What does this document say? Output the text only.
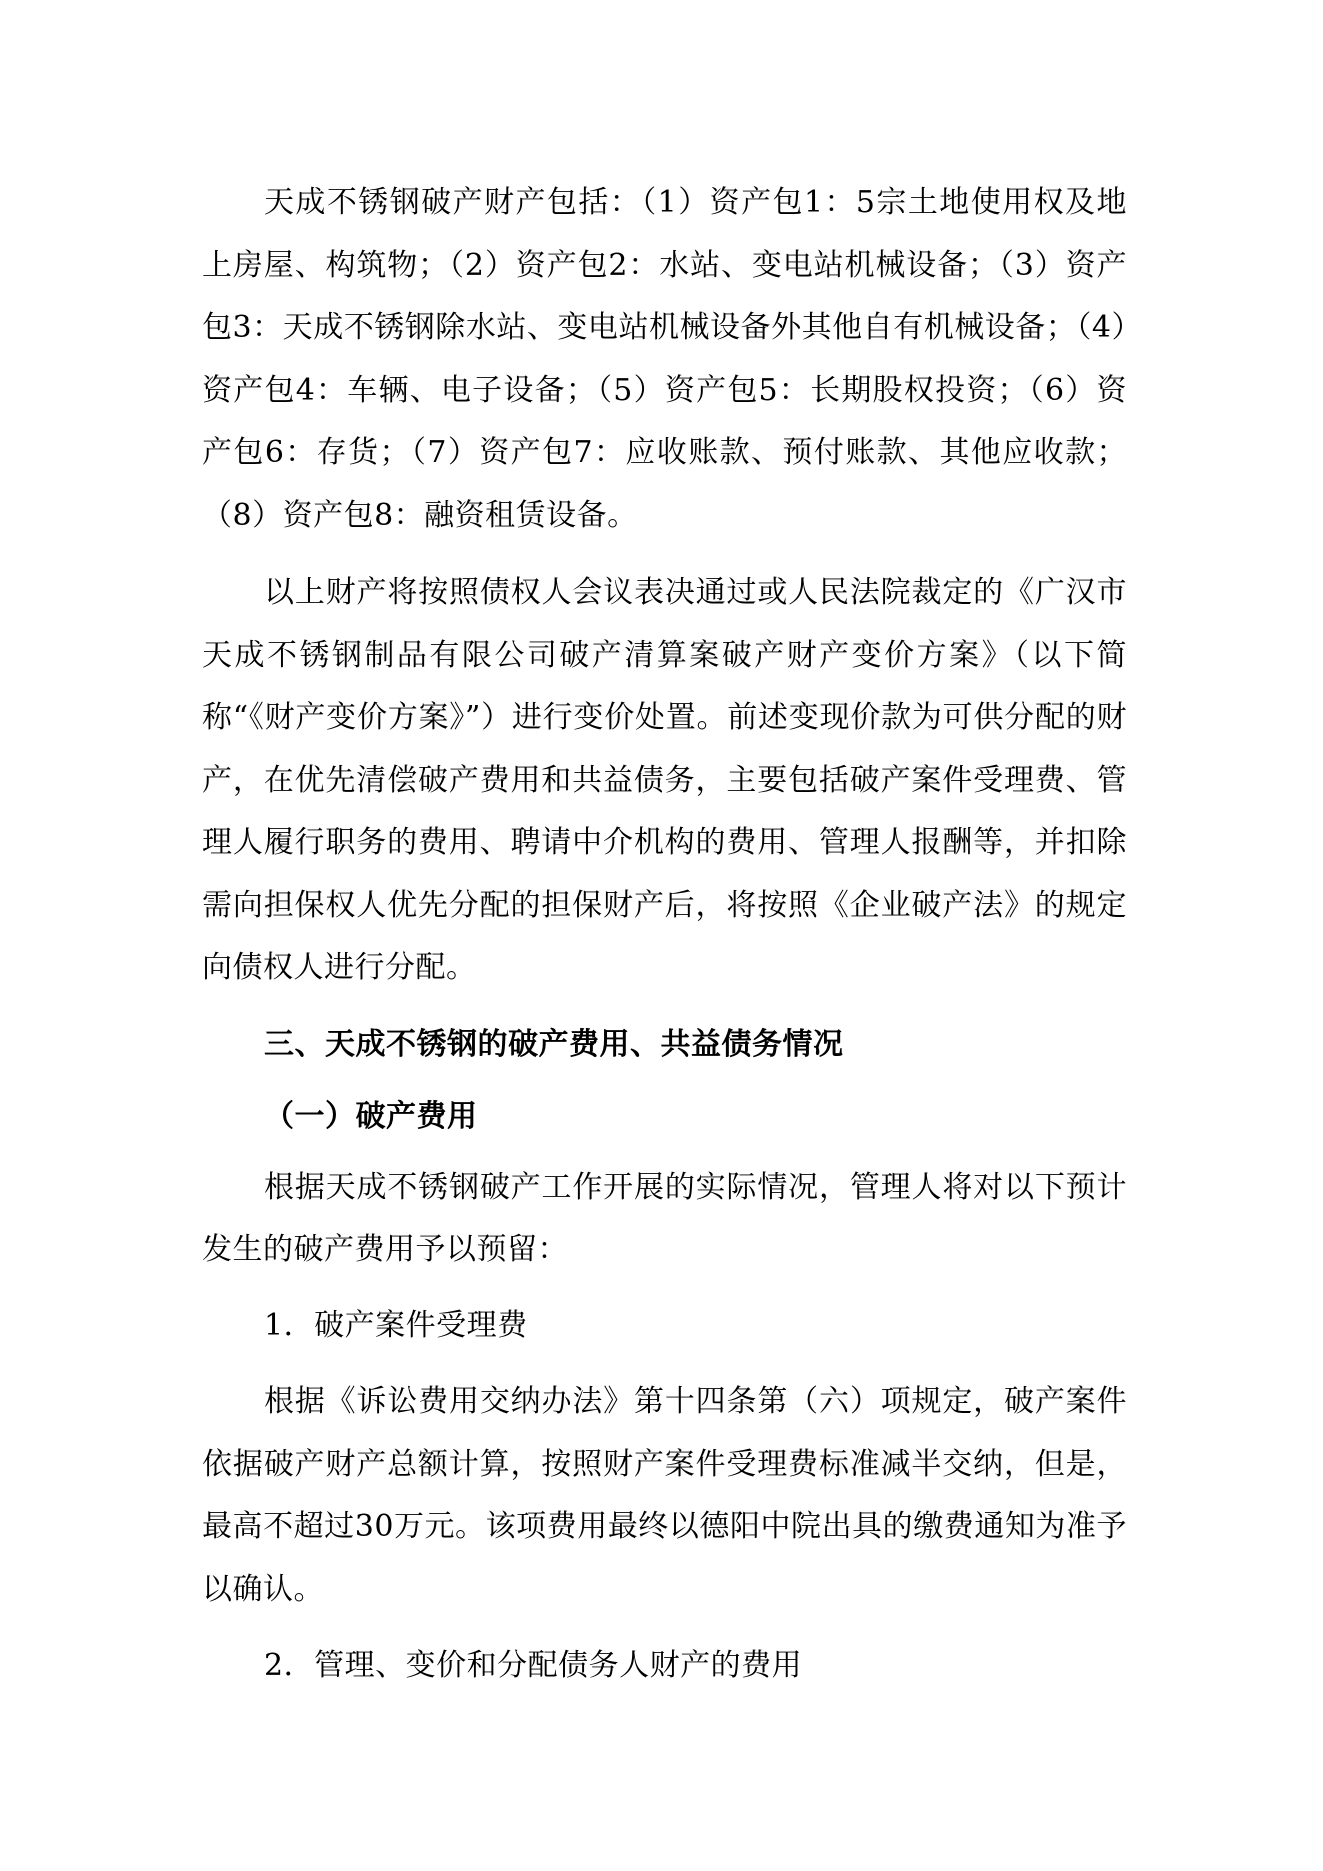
天成不锈钢破产财产包括：（1）资产包1：5宗土地使用权及地上房屋、构筑物；（2）资产包2：水站、变电站机械设备；（3）资产包3：天成不锈钢除水站、变电站机械设备外其他自有机械设备；（4）资产包4：车辆、电子设备；（5）资产包5：长期股权投资；（6）资产包6：存货；（7）资产包7：应收账款、预付账款、其他应收款；（8）资产包8：融资租赁设备。

以上财产将按照债权人会议表决通过或人民法院裁定的《广汉市天成不锈钢制品有限公司破产清算案破产财产变价方案》（以下简称“《财产变价方案》”）进行变价处置。前述变现价款为可供分配的财产，在优先清偿破产费用和共益债务，主要包括破产案件受理费、管理人履行职务的费用、聘请中介机构的费用、管理人报酬等，并扣除需向担保权人优先分配的担保财产后，将按照《企业破产法》的规定向债权人进行分配。

三、天成不锈钢的破产费用、共益债务情况

（一）破产费用

根据天成不锈钢破产工作开展的实际情况，管理人将对以下预计发生的破产费用予以预留：

1．破产案件受理费

根据《诉讼费用交纳办法》第十四条第（六）项规定，破产案件依据破产财产总额计算，按照财产案件受理费标准减半交纳，但是，最高不超过30万元。该项费用最终以德阳中院出具的缴费通知为准予以确认。

2．管理、变价和分配债务人财产的费用
